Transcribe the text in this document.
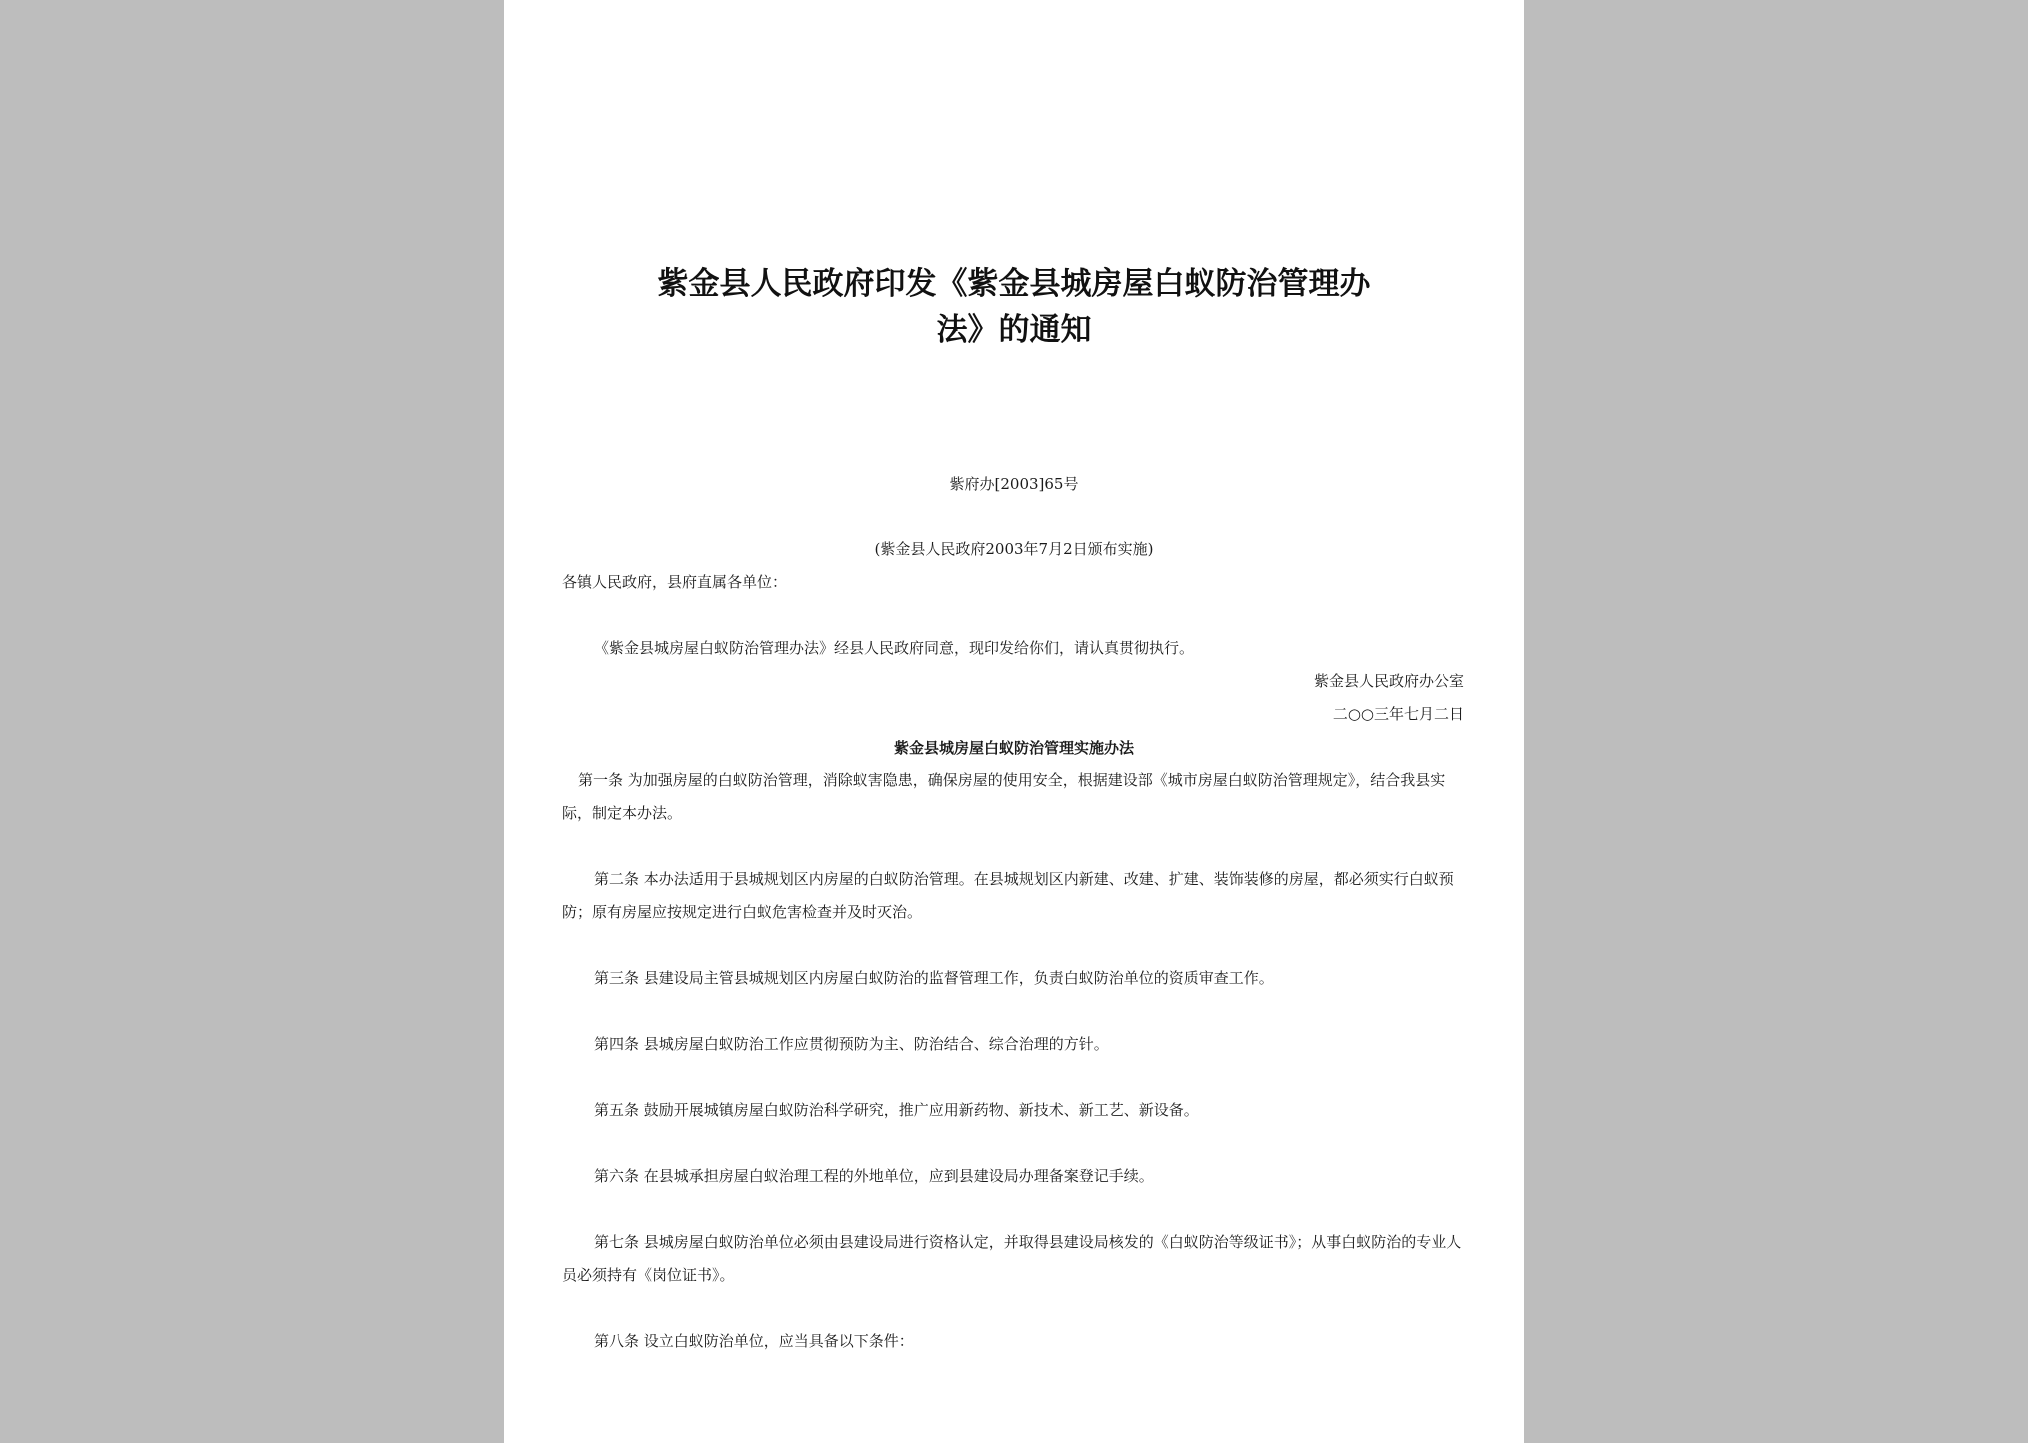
紫金县人民政府印发《紫金县城房屋白蚁防治管理办
法》的通知
紫府办[2003]65号
(紫金县人民政府2003年7月2日颁布实施)
各镇人民政府，县府直属各单位：
《紫金县城房屋白蚁防治管理办法》经县人民政府同意，现印发给你们，请认真贯彻执行。
紫金县人民政府办公室
二○○三年七月二日
紫金县城房屋白蚁防治管理实施办法
第一条 为加强房屋的白蚁防治管理，消除蚁害隐患，确保房屋的使用安全，根据建设部《城市房屋白蚁防治管理规定》，结合我县实际，制定本办法。
第二条 本办法适用于县城规划区内房屋的白蚁防治管理。在县城规划区内新建、改建、扩建、装饰装修的房屋，都必须实行白蚁预防；原有房屋应按规定进行白蚁危害检查并及时灭治。
第三条 县建设局主管县城规划区内房屋白蚁防治的监督管理工作，负责白蚁防治单位的资质审查工作。
第四条 县城房屋白蚁防治工作应贯彻预防为主、防治结合、综合治理的方针。
第五条 鼓励开展城镇房屋白蚁防治科学研究，推广应用新药物、新技术、新工艺、新设备。
第六条 在县城承担房屋白蚁治理工程的外地单位，应到县建设局办理备案登记手续。
第七条 县城房屋白蚁防治单位必须由县建设局进行资格认定，并取得县建设局核发的《白蚁防治等级证书》；从事白蚁防治的专业人员必须持有《岗位证书》。
第八条 设立白蚁防治单位，应当具备以下条件：
